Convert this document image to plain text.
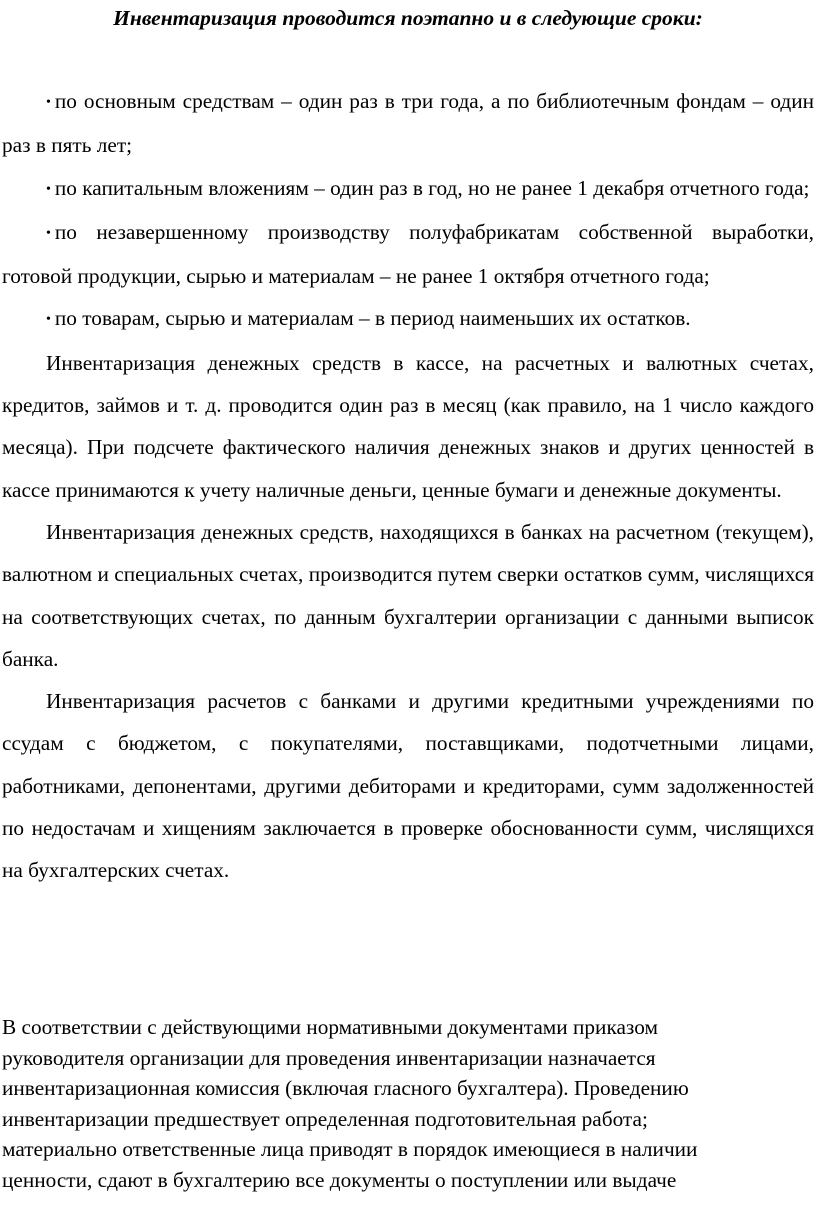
Инвентаризация проводится поэтапно и в следующие сроки:

• по основным средствам – один раз в три года, а по библиотечным фондам – один раз в пять лет;

• по капитальным вложениям – один раз в год, но не ранее 1 декабря отчетного года;

• по незавершенному производству полуфабрикатам собственной выработки, готовой продукции, сырью и материалам – не ранее 1 октября отчетного года;

• по товарам, сырью и материалам – в период наименьших их остатков.

Инвентаризация денежных средств в кассе, на расчетных и валютных счетах, кредитов, займов и т. д. проводится один раз в месяц (как правило, на 1 число каждого месяца). При подсчете фактического наличия денежных знаков и других ценностей в кассе принимаются к учету наличные деньги, ценные бумаги и денежные документы.

Инвентаризация денежных средств, находящихся в банках на расчетном (текущем), валютном и специальных счетах, производится путем сверки остатков сумм, числящихся на соответствующих счетах, по данным бухгалтерии организации с данными выписок банка.

Инвентаризация расчетов с банками и другими кредитными учреждениями по ссудам с бюджетом, с покупателями, поставщиками, подотчетными лицами, работниками, депонентами, другими дебиторами и кредиторами, сумм задолженностей по недостачам и хищениям заключается в проверке обоснованности сумм, числящихся на бухгалтерских счетах.

В соответствии с действующими нормативными документами приказом
руководителя организации для проведения инвентаризации назначается
инвентаризационная комиссия (включая гласного бухгалтера). Проведению
инвентаризации предшествует определенная подготовительная работа;
материально ответственные лица приводят в порядок имеющиеся в наличии
ценности, сдают в бухгалтерию все документы о поступлении или выдаче
